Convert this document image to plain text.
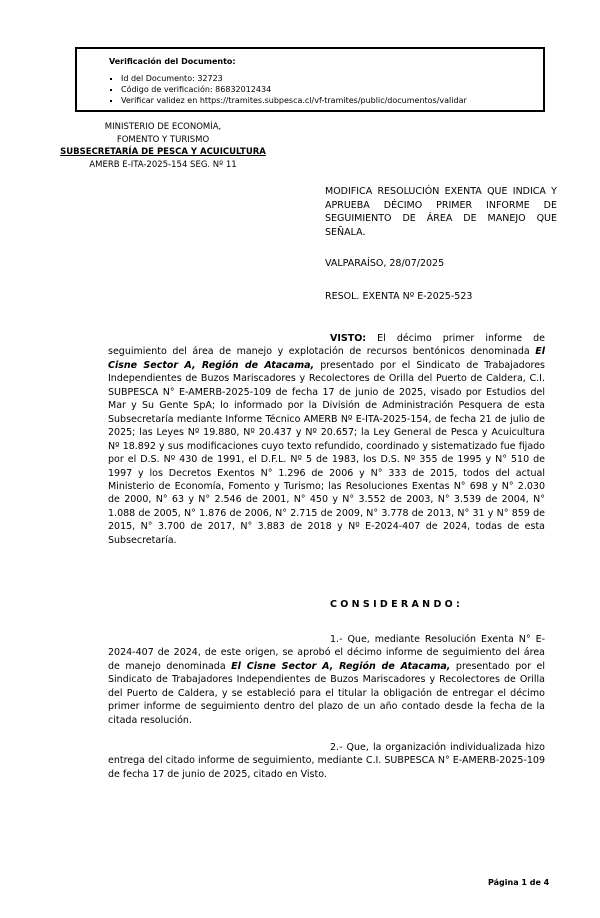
Verificación del Documento:
▪ Id del Documento: 32723
▪ Código de verificación: 86832012434
▪ Verificar validez en https://tramites.subpesca.cl/vf-tramites/public/documentos/validar
MINISTERIO DE ECONOMÍA,
FOMENTO Y TURISMO
SUBSECRETARÍA DE PESCA Y ACUICULTURA
AMERB E-ITA-2025-154 SEG. Nº 11
MODIFICA RESOLUCIÓN EXENTA QUE INDICA Y APRUEBA DÉCIMO PRIMER INFORME DE SEGUIMIENTO DE ÁREA DE MANEJO QUE SEÑALA.
VALPARAÍSO, 28/07/2025
RESOL. EXENTA Nº E-2025-523
VISTO: El décimo primer informe de seguimiento del área de manejo y explotación de recursos bentónicos denominada El Cisne Sector A, Región de Atacama, presentado por el Sindicato de Trabajadores Independientes de Buzos Mariscadores y Recolectores de Orilla del Puerto de Caldera, C.I. SUBPESCA N° E-AMERB-2025-109 de fecha 17 de junio de 2025, visado por Estudios del Mar y Su Gente SpA; lo informado por la División de Administración Pesquera de esta Subsecretaría mediante Informe Técnico AMERB Nº E-ITA-2025-154, de fecha 21 de julio de 2025; las Leyes Nº 19.880, Nº 20.437 y Nº 20.657; la Ley General de Pesca y Acuicultura Nº 18.892 y sus modificaciones cuyo texto refundido, coordinado y sistematizado fue fijado por el D.S. Nº 430 de 1991, el D.F.L. Nº 5 de 1983, los D.S. Nº 355 de 1995 y N° 510 de 1997 y los Decretos Exentos N° 1.296 de 2006 y N° 333 de 2015, todos del actual Ministerio de Economía, Fomento y Turismo; las Resoluciones Exentas N° 698 y N° 2.030 de 2000, N° 63 y N° 2.546 de 2001, N° 450 y N° 3.552 de 2003, N° 3.539 de 2004, N° 1.088 de 2005, N° 1.876 de 2006, N° 2.715 de 2009, N° 3.778 de 2013, N° 31 y N° 859 de 2015, N° 3.700 de 2017, N° 3.883 de 2018 y Nº E-2024-407 de 2024, todas de esta Subsecretaría.
C O N S I D E R A N D O :
1.- Que, mediante Resolución Exenta N° E-2024-407 de 2024, de este origen, se aprobó el décimo informe de seguimiento del área de manejo denominada El Cisne Sector A, Región de Atacama, presentado por el Sindicato de Trabajadores Independientes de Buzos Mariscadores y Recolectores de Orilla del Puerto de Caldera, y se estableció para el titular la obligación de entregar el décimo primer informe de seguimiento dentro del plazo de un año contado desde la fecha de la citada resolución.
2.- Que, la organización individualizada hizo entrega del citado informe de seguimiento, mediante C.I. SUBPESCA N° E-AMERB-2025-109 de fecha 17 de junio de 2025, citado en Visto.
Página 1 de 4
